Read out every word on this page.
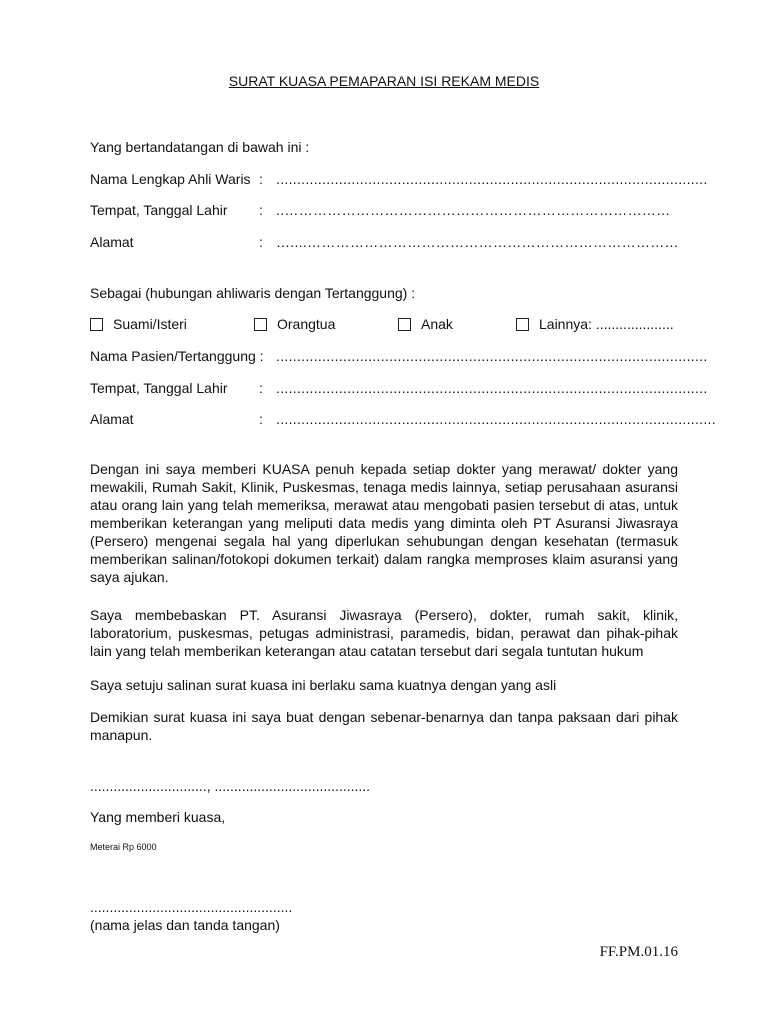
SURAT KUASA PEMAPARAN ISI REKAM MEDIS
Yang bertandatangan di bawah ini :
Nama Lengkap Ahli Waris : .......................................................................................................
Tempat, Tanggal Lahir : ..………………………………………………………………………
Alamat	: …....……………………………………………………………………
Sebagai (hubungan ahliwaris dengan Tertanggung) :
Suami/Isteri	Orangtua	Anak	Lainnya: ....................
Nama Pasien/Tertanggung : .......................................................................................................
Tempat, Tanggal Lahir : .......................................................................................................
Alamat	: .........................................................................................................
Dengan ini saya memberi KUASA penuh kepada setiap dokter yang merawat/ dokter yang mewakili, Rumah Sakit, Klinik, Puskesmas, tenaga medis lainnya, setiap perusahaan asuransi atau orang lain yang telah memeriksa, merawat atau mengobati pasien tersebut di atas, untuk memberikan keterangan yang meliputi data medis yang diminta oleh PT Asuransi Jiwasraya (Persero) mengenai segala hal yang diperlukan sehubungan dengan kesehatan (termasuk memberikan salinan/fotokopi dokumen terkait) dalam rangka memproses klaim asuransi yang saya ajukan.
Saya membebaskan PT. Asuransi Jiwasraya (Persero), dokter, rumah sakit, klinik, laboratorium, puskesmas, petugas administrasi, paramedis, bidan, perawat dan pihak-pihak lain yang telah memberikan keterangan atau catatan tersebut dari segala tuntutan hukum
Saya setuju salinan surat kuasa ini berlaku sama kuatnya dengan yang asli
Demikian surat kuasa ini saya buat dengan sebenar-benarnya dan tanpa paksaan dari pihak manapun.
.............................., ........................................
Yang memberi kuasa,
Meterai Rp 6000
....................................................
(nama jelas dan tanda tangan)
FF.PM.01.16
